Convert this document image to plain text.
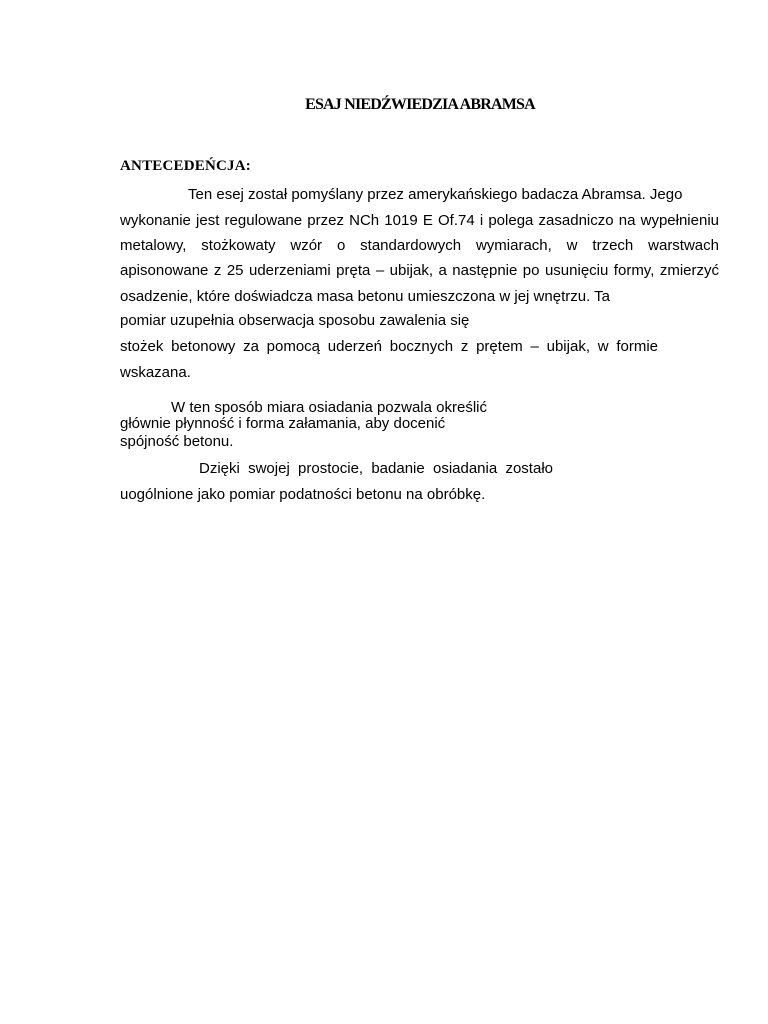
ESAJ NIEDŹWIEDZIA ABRAMSA
ANTECEDEŃCJA:
Ten esej został pomyślany przez amerykańskiego badacza Abramsa. Jego
wykonanie jest regulowane przez NCh 1019 E Of.74 i polega zasadniczo na wypełnieniu
metalowy, stożkowaty wzór o standardowych wymiarach, w trzech warstwach
apisonowane z 25 uderzeniami pręta – ubijak, a następnie po usunięciu formy, zmierzyć
osadzenie, które doświadcza masa betonu umieszczona w jej wnętrzu. Ta
pomiar uzupełnia obserwacja sposobu zawalenia się
stożek betonowy za pomocą uderzeń bocznych z prętem – ubijak, w formie
wskazana.
W ten sposób miara osiadania pozwala określić
głównie płynność i forma załamania, aby docenić
spójność betonu.
Dzięki swojej prostocie, badanie osiadania zostało
uogólnione jako pomiar podatności betonu na obróbkę.
